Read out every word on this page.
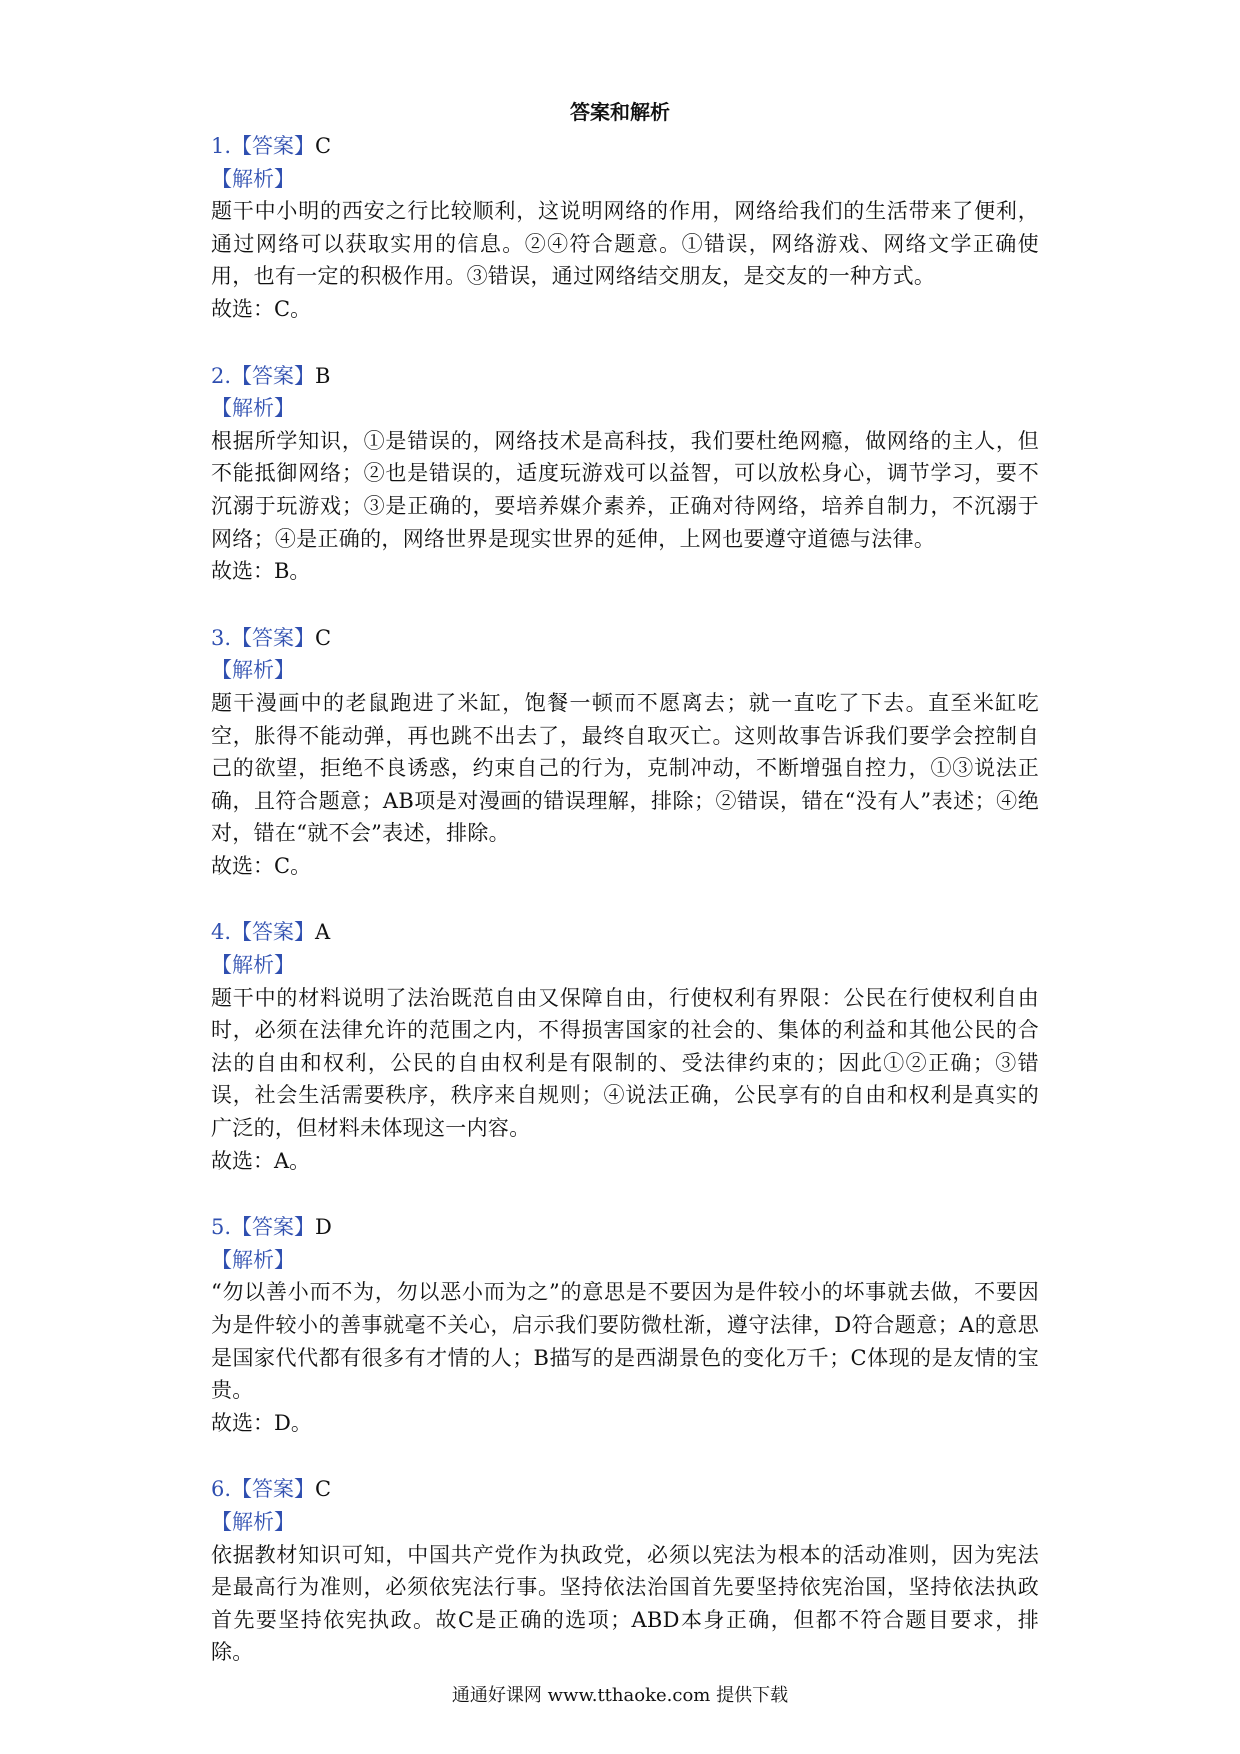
答案和解析

1.【答案】C

【解析】

题干中小明的西安之行比较顺利，这说明网络的作用，网络给我们的生活带来了便利，通过网络可以获取实用的信息。②④符合题意。①错误，网络游戏、网络文学正确使用，也有一定的积极作用。③错误，通过网络结交朋友，是交友的一种方式。

故选：C。

2.【答案】B

【解析】

根据所学知识，①是错误的，网络技术是高科技，我们要杜绝网瘾，做网络的主人，但不能抵御网络；②也是错误的，适度玩游戏可以益智，可以放松身心，调节学习，要不沉溺于玩游戏；③是正确的，要培养媒介素养，正确对待网络，培养自制力，不沉溺于网络；④是正确的，网络世界是现实世界的延伸，上网也要遵守道德与法律。

故选：B。

3.【答案】C

【解析】

题干漫画中的老鼠跑进了米缸，饱餐一顿而不愿离去；就一直吃了下去。直至米缸吃空，胀得不能动弹，再也跳不出去了，最终自取灭亡。这则故事告诉我们要学会控制自己的欲望，拒绝不良诱惑，约束自己的行为，克制冲动，不断增强自控力，①③说法正确，且符合题意；AB项是对漫画的错误理解，排除；②错误，错在“没有人”表述；④绝对，错在“就不会”表述，排除。

故选：C。

4.【答案】A

【解析】

题干中的材料说明了法治既范自由又保障自由，行使权利有界限：公民在行使权利自由时，必须在法律允许的范围之内，不得损害国家的社会的、集体的利益和其他公民的合法的自由和权利，公民的自由权利是有限制的、受法律约束的；因此①②正确；③错误，社会生活需要秩序，秩序来自规则；④说法正确，公民享有的自由和权利是真实的广泛的，但材料未体现这一内容。

故选：A。

5.【答案】D

【解析】

“勿以善小而不为，勿以恶小而为之”的意思是不要因为是件较小的坏事就去做，不要因为是件较小的善事就毫不关心，启示我们要防微杜渐，遵守法律，D符合题意；A的意思是国家代代都有很多有才情的人；B描写的是西湖景色的变化万千；C体现的是友情的宝贵。

故选：D。

6.【答案】C

【解析】

依据教材知识可知，中国共产党作为执政党，必须以宪法为根本的活动准则，因为宪法是最高行为准则，必须依宪法行事。坚持依法治国首先要坚持依宪治国，坚持依法执政首先要坚持依宪执政。故C是正确的选项；ABD本身正确，但都不符合题目要求，排除。

通通好课网 www.tthaoke.com 提供下载
